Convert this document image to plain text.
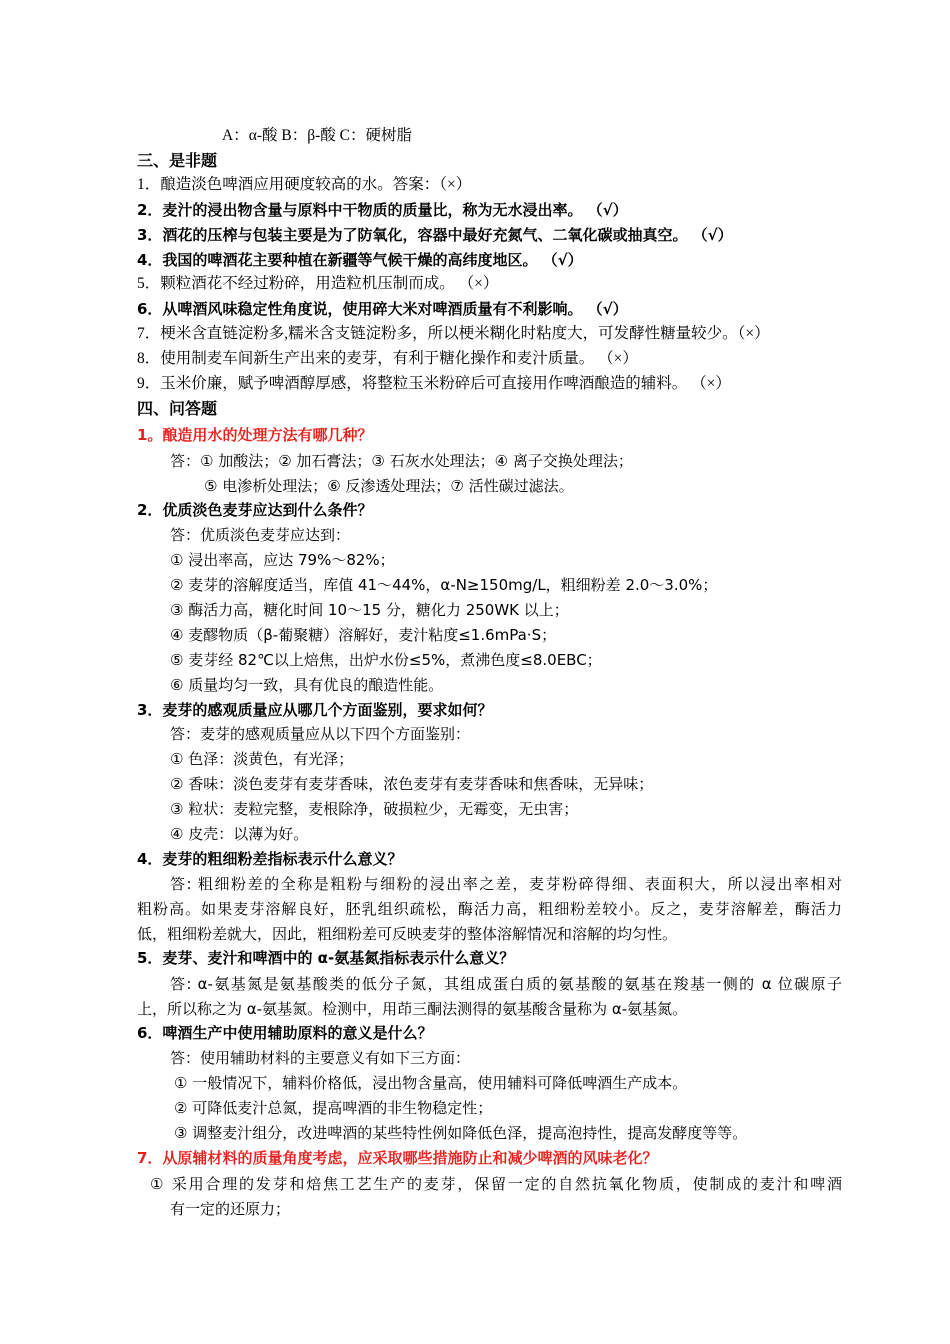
A：α-酸 B：β-酸 C：硬树脂
三、是非题
1．酿造淡色啤酒应用硬度较高的水。答案：（×）
2．麦汁的浸出物含量与原料中干物质的质量比，称为无水浸出率。 （√）
3．酒花的压榨与包装主要是为了防氧化，容器中最好充氮气、二氧化碳或抽真空。 （√）
4．我国的啤酒花主要种植在新疆等气候干燥的高纬度地区。 （√）
5．颗粒酒花不经过粉碎，用造粒机压制而成。 （×）
6．从啤酒风味稳定性角度说，使用碎大米对啤酒质量有不利影响。 （√）
7．梗米含直链淀粉多,糯米含支链淀粉多，所以梗米糊化时粘度大，可发酵性糖量较少。（×）
8．使用制麦车间新生产出来的麦芽，有利于糖化操作和麦汁质量。 （×）
9．玉米价廉，赋予啤酒醇厚感，将整粒玉米粉碎后可直接用作啤酒酿造的辅料。 （×）
四、问答题
1。酿造用水的处理方法有哪几种？
答：① 加酸法；② 加石膏法；③ 石灰水处理法；④ 离子交换处理法；
⑤ 电渗析处理法；⑥ 反渗透处理法；⑦ 活性碳过滤法。
2．优质淡色麦芽应达到什么条件？
答：优质淡色麦芽应达到：
① 浸出率高，应达 79%～82%；
② 麦芽的溶解度适当，库值 41～44%，α-N≥150mg/L，粗细粉差 2.0～3.0%；
③ 酶活力高，糖化时间 10～15 分，糖化力 250WK 以上；
④ 麦醪物质（β-葡聚糖）溶解好，麦汁粘度≤1.6mPa·S；
⑤ 麦芽经 82℃以上焙焦，出炉水份≤5%，煮沸色度≤8.0EBC；
⑥ 质量均匀一致，具有优良的酿造性能。
3．麦芽的感观质量应从哪几个方面鉴别，要求如何？
答：麦芽的感观质量应从以下四个方面鉴别：
① 色泽：淡黄色，有光泽；
② 香味：淡色麦芽有麦芽香味，浓色麦芽有麦芽香味和焦香味，无异味；
③ 粒状：麦粒完整，麦根除净，破损粒少，无霉变，无虫害；
④ 皮壳：以薄为好。
4．麦芽的粗细粉差指标表示什么意义？
答: 粗细粉差的全称是粗粉与细粉的浸出率之差，麦芽粉碎得细、表面积大，所以浸出率相对
粗粉高。如果麦芽溶解良好，胚乳组织疏松，酶活力高，粗细粉差较小。反之，麦芽溶解差，酶活力
低，粗细粉差就大，因此，粗细粉差可反映麦芽的整体溶解情况和溶解的均匀性。
5．麦芽、麦汁和啤酒中的 α-氨基氮指标表示什么意义？
答: α-氨基氮是氨基酸类的低分子氮，其组成蛋白质的氨基酸的氨基在羧基一侧的 α 位碳原子
上，所以称之为 α-氨基氮。检测中，用茚三酮法测得的氨基酸含量称为 α-氨基氮。
6．啤酒生产中使用辅助原料的意义是什么？
答：使用辅助材料的主要意义有如下三方面：
① 一般情况下，辅料价格低，浸出物含量高，使用辅料可降低啤酒生产成本。
② 可降低麦汁总氮，提高啤酒的非生物稳定性；
③ 调整麦汁组分，改进啤酒的某些特性例如降低色泽，提高泡持性，提高发酵度等等。
7．从原辅材料的质量角度考虑，应采取哪些措施防止和减少啤酒的风味老化？
① 采用合理的发芽和焙焦工艺生产的麦芽，保留一定的自然抗氧化物质，使制成的麦汁和啤酒
有一定的还原力；
